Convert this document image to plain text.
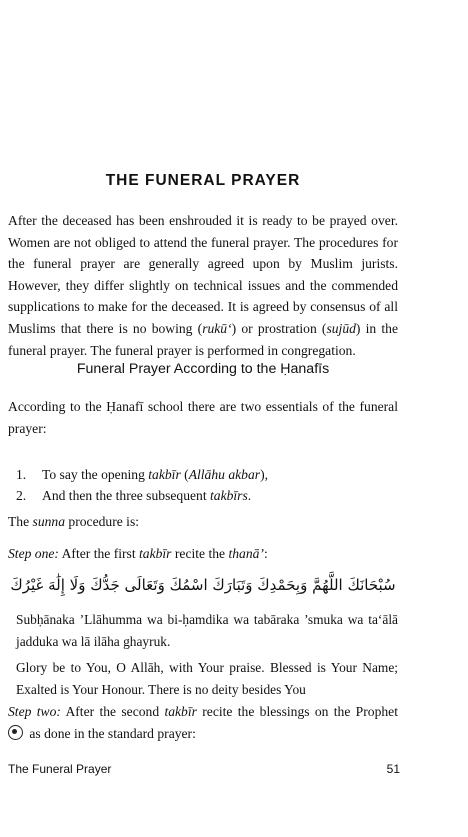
THE FUNERAL PRAYER

After the deceased has been enshrouded it is ready to be prayed over. Women are not obliged to attend the funeral prayer. The procedures for the funeral prayer are generally agreed upon by Muslim jurists. However, they differ slightly on technical issues and the commended supplications to make for the deceased. It is agreed by consensus of all Muslims that there is no bowing (rukū‘) or prostration (sujūd) in the funeral prayer. The funeral prayer is performed in congregation.

Funeral Prayer According to the Ḥanafīs

According to the Ḥanafī school there are two essentials of the funeral prayer:

1.	To say the opening takbīr (Allāhu akbar),
2.	And then the three subsequent takbīrs.

The sunna procedure is:

Step one: After the first takbīr recite the thanā’:

سُبْحَانَكَ اللَّهُمَّ وَبِحَمْدِكَ وَتَبَارَكَ اسْمُكَ وَتَعَالَى جَدُّكَ وَلَا إِلَٰهَ غَيْرُكَ

Subḥānaka ’Llāhumma wa bi-ḥamdika wa tabāraka ’smuka wa ta‘ālā jadduka wa lā ilāha ghayruk.

Glory be to You, O Allāh, with Your praise. Blessed is Your Name; Exalted is Your Honour. There is no deity besides You

Step two: After the second takbīr recite the blessings on the Prophet  as done in the standard prayer:

The Funeral Prayer	51
